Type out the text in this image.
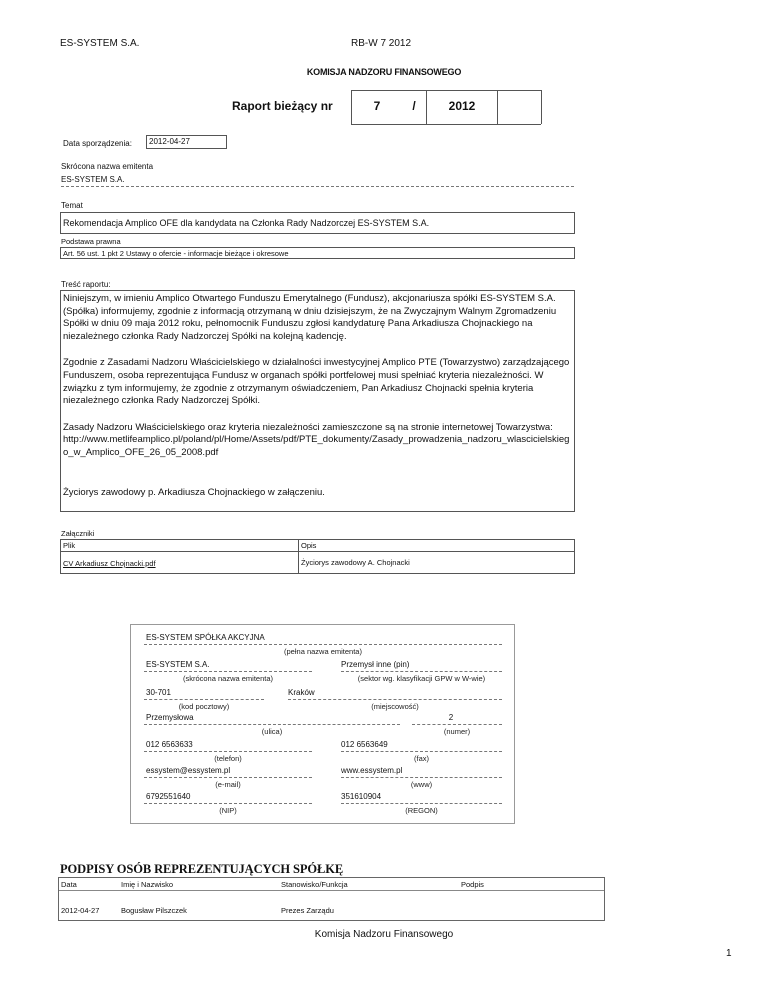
ES-SYSTEM S.A.	RB-W 7 2012
KOMISJA NADZORU FINANSOWEGO
Raport bieżący nr	7	/	2012
Data sporządzenia:	2012-04-27
Skrócona nazwa emitenta
ES-SYSTEM S.A.
Temat
Rekomendacja Amplico OFE dla kandydata na Członka Rady Nadzorczej ES-SYSTEM S.A.
Podstawa prawna
Art. 56 ust. 1 pkt 2 Ustawy o ofercie - informacje bieżące i okresowe
Treść raportu:

Niniejszym, w imieniu Amplico Otwartego Funduszu Emerytalnego (Fundusz), akcjonariusza spółki ES-SYSTEM S.A. (Spółka) informujemy, zgodnie z informacją otrzymaną w dniu dzisiejszym, że na Zwyczajnym Walnym Zgromadzeniu Spółki w dniu 09 maja 2012 roku, pełnomocnik Funduszu zgłosi kandydaturę Pana Arkadiusza Chojnackiego na niezależnego członka Rady Nadzorczej Spółki na kolejną kadencję.

Zgodnie z Zasadami Nadzoru Właścicielskiego w działalności inwestycyjnej Amplico PTE (Towarzystwo) zarządzającego Funduszem, osoba reprezentująca Fundusz w organach spółki portfelowej musi spełniać kryteria niezależności. W związku z tym informujemy, że zgodnie z otrzymanym oświadczeniem, Pan Arkadiusz Chojnacki spełnia kryteria niezależnego członka Rady Nadzorczej Spółki.

Zasady Nadzoru Właścicielskiego oraz kryteria niezależności zamieszczone są na stronie internetowej Towarzystwa: http://www.metlifeamplico.pl/poland/pl/Home/Assets/pdf/PTE_dokumenty/Zasady_prowadzenia_nadzoru_wlascicielskiego_w_Amplico_OFE_26_05_2008.pdf

Życiorys zawodowy p. Arkadiusza Chojnackiego w załączeniu.

Załączniki
Plik	Opis
CV Arkadiusz Chojnacki.pdf	Życiorys zawodowy A. Chojnacki
ES-SYSTEM SPÓŁKA AKCYJNA
(pełna nazwa emitenta)
ES-SYSTEM S.A.
(skrócona nazwa emitenta)
Przemysł inne (pin)
(sektor wg. klasyfikacji GPW w W-wie)
30-701
(kod pocztowy)
Kraków
(miejscowość)
Przemysłowa
(ulica)
2
(numer)
012 6563633
(telefon)
012 6563649
(fax)
essystem@essystem.pl
(e-mail)
www.essystem.pl
(www)
6792551640
(NIP)
351610904
(REGON)
PODPISY OSÓB REPREZENTUJĄCYCH SPÓŁKĘ
Data	Imię i Nazwisko	Stanowisko/Funkcja	Podpis
2012-04-27	Bogusław Pilszczek	Prezes Zarządu
Komisja Nadzoru Finansowego
1
